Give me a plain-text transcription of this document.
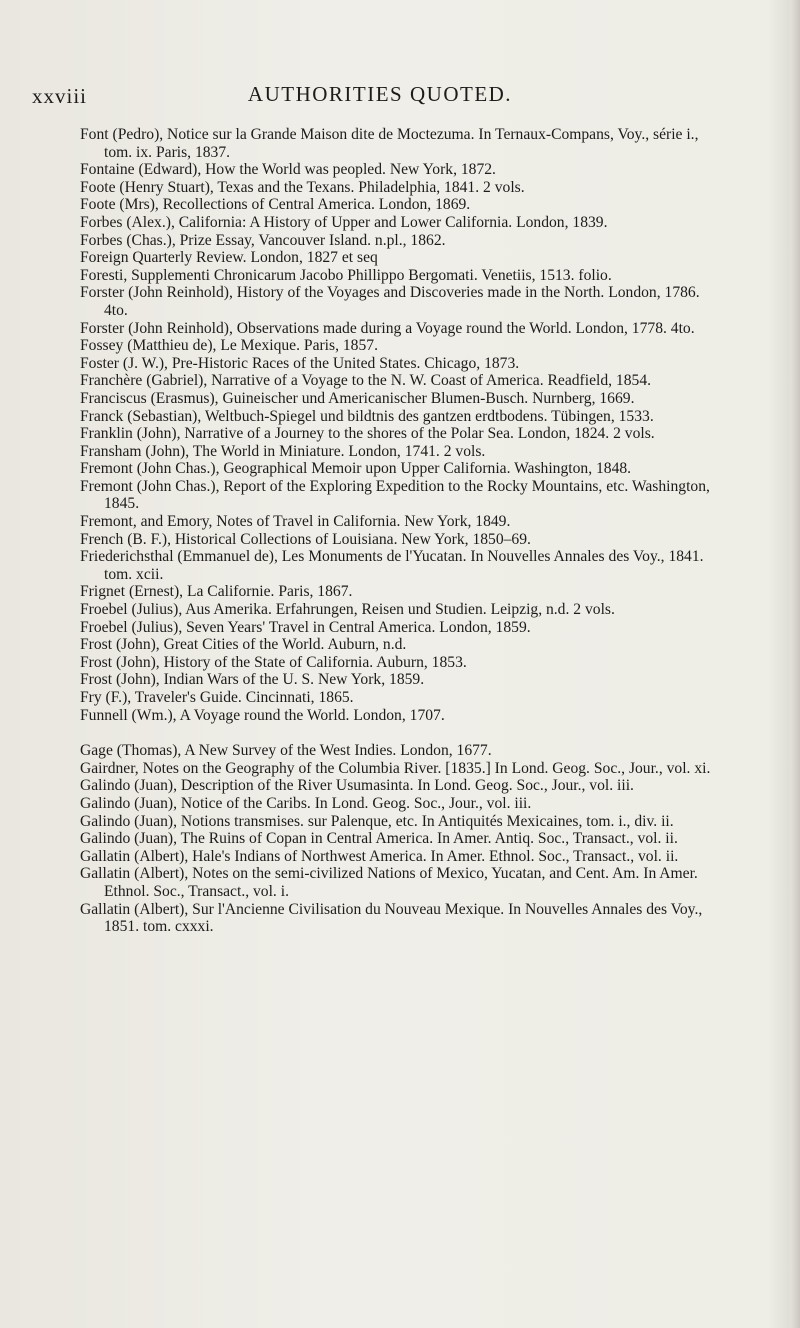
xxviii	AUTHORITIES QUOTED.

Font (Pedro), Notice sur la Grande Maison dite de Moctezuma. In Ternaux-Compans, Voy., série i., tom. ix. Paris, 1837.

Fontaine (Edward), How the World was peopled. New York, 1872.

Foote (Henry Stuart), Texas and the Texans. Philadelphia, 1841. 2 vols.

Foote (Mrs), Recollections of Central America. London, 1869.

Forbes (Alex.), California: A History of Upper and Lower California. London, 1839.

Forbes (Chas.), Prize Essay, Vancouver Island. n.pl., 1862.

Foreign Quarterly Review. London, 1827 et seq

Foresti, Supplementi Chronicarum Jacobo Phillippo Bergomati. Venetiis, 1513. folio.

Forster (John Reinhold), History of the Voyages and Discoveries made in the North. London, 1786. 4to.

Forster (John Reinhold), Observations made during a Voyage round the World. London, 1778. 4to.

Fossey (Matthieu de), Le Mexique. Paris, 1857.

Foster (J. W.), Pre-Historic Races of the United States. Chicago, 1873.

Franchère (Gabriel), Narrative of a Voyage to the N. W. Coast of America. Readfield, 1854.

Franciscus (Erasmus), Guineischer und Americanischer Blumen-Busch. Nurnberg, 1669.

Franck (Sebastian), Weltbuch-Spiegel und bildtnis des gantzen erdtbodens. Tübingen, 1533.

Franklin (John), Narrative of a Journey to the shores of the Polar Sea. London, 1824. 2 vols.

Fransham (John), The World in Miniature. London, 1741. 2 vols.

Fremont (John Chas.), Geographical Memoir upon Upper California. Washington, 1848.

Fremont (John Chas.), Report of the Exploring Expedition to the Rocky Mountains, etc. Washington, 1845.

Fremont, and Emory, Notes of Travel in California. New York, 1849.

French (B. F.), Historical Collections of Louisiana. New York, 1850–69.

Friederichsthal (Emmanuel de), Les Monuments de l'Yucatan. In Nouvelles Annales des Voy., 1841. tom. xcii.

Frignet (Ernest), La Californie. Paris, 1867.

Froebel (Julius), Aus Amerika. Erfahrungen, Reisen und Studien. Leipzig, n.d. 2 vols.

Froebel (Julius), Seven Years' Travel in Central America. London, 1859.

Frost (John), Great Cities of the World. Auburn, n.d.

Frost (John), History of the State of California. Auburn, 1853.

Frost (John), Indian Wars of the U. S. New York, 1859.

Fry (F.), Traveler's Guide. Cincinnati, 1865.

Funnell (Wm.), A Voyage round the World. London, 1707.

Gage (Thomas), A New Survey of the West Indies. London, 1677.

Gairdner, Notes on the Geography of the Columbia River. [1835.] In Lond. Geog. Soc., Jour., vol. xi.

Galindo (Juan), Description of the River Usumasinta. In Lond. Geog. Soc., Jour., vol. iii.

Galindo (Juan), Notice of the Caribs. In Lond. Geog. Soc., Jour., vol. iii.

Galindo (Juan), Notions transmises. sur Palenque, etc. In Antiquités Mexicaines, tom. i., div. ii.

Galindo (Juan), The Ruins of Copan in Central America. In Amer. Antiq. Soc., Transact., vol. ii.

Gallatin (Albert), Hale's Indians of Northwest America. In Amer. Ethnol. Soc., Transact., vol. ii.

Gallatin (Albert), Notes on the semi-civilized Nations of Mexico, Yucatan, and Cent. Am. In Amer. Ethnol. Soc., Transact., vol. i.

Gallatin (Albert), Sur l'Ancienne Civilisation du Nouveau Mexique. In Nouvelles Annales des Voy., 1851. tom. cxxxi.
